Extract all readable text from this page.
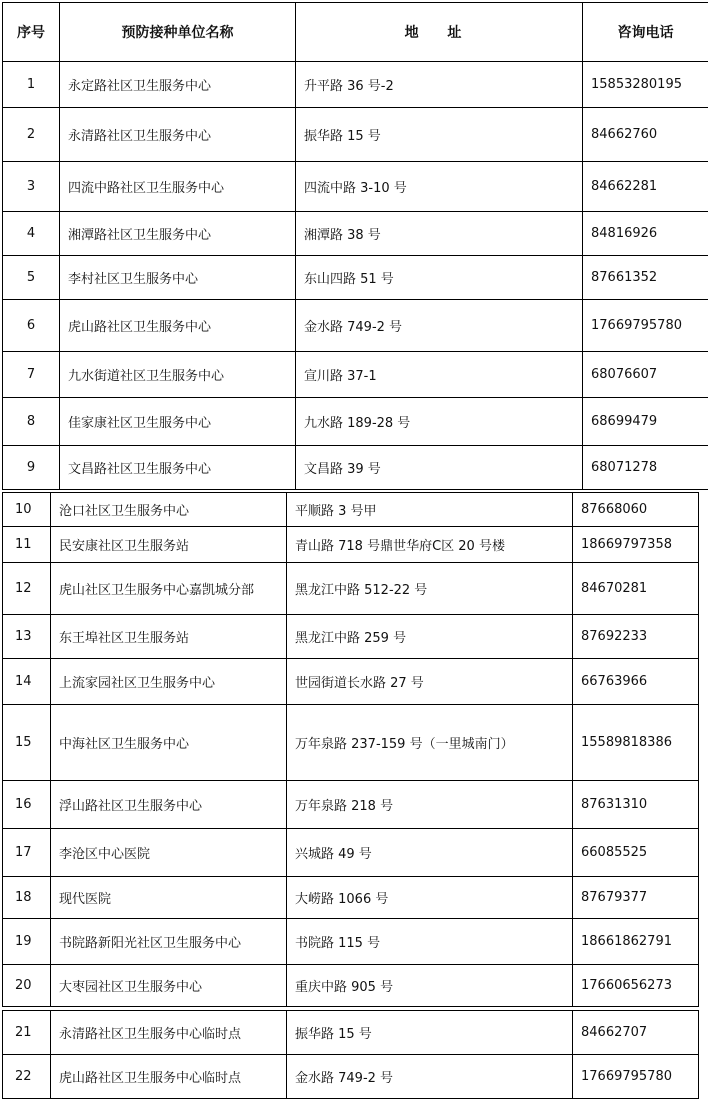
序号	预防接种单位名称	地 址	咨询电话
1	永定路社区卫生服务中心	升平路 36 号-2	15853280195
2	永清路社区卫生服务中心	振华路 15 号	84662760
3	四流中路社区卫生服务中心	四流中路 3-10 号	84662281
4	湘潭路社区卫生服务中心	湘潭路 38 号	84816926
5	李村社区卫生服务中心	东山四路 51 号	87661352
6	虎山路社区卫生服务中心	金水路 749-2 号	17669795780
7	九水街道社区卫生服务中心	宣川路 37-1	68076607
8	佳家康社区卫生服务中心	九水路 189-28 号	68699479
9	文昌路社区卫生服务中心	文昌路 39 号	68071278
10	沧口社区卫生服务中心	平顺路 3 号甲	87668060
11	民安康社区卫生服务站	青山路 718 号鼎世华府C区 20 号楼	18669797358
12	虎山社区卫生服务中心嘉凯城分部	黑龙江中路 512-22 号	84670281
13	东王埠社区卫生服务站	黑龙江中路 259 号	87692233
14	上流家园社区卫生服务中心	世园街道长水路 27 号	66763966
15	中海社区卫生服务中心	万年泉路 237-159 号（一里城南门）	15589818386
16	浮山路社区卫生服务中心	万年泉路 218 号	87631310
17	李沧区中心医院	兴城路 49 号	66085525
18	现代医院	大崂路 1066 号	87679377
19	书院路新阳光社区卫生服务中心	书院路 115 号	18661862791
20	大枣园社区卫生服务中心	重庆中路 905 号	17660656273
21	永清路社区卫生服务中心临时点	振华路 15 号	84662707
22	虎山路社区卫生服务中心临时点	金水路 749-2 号	17669795780
